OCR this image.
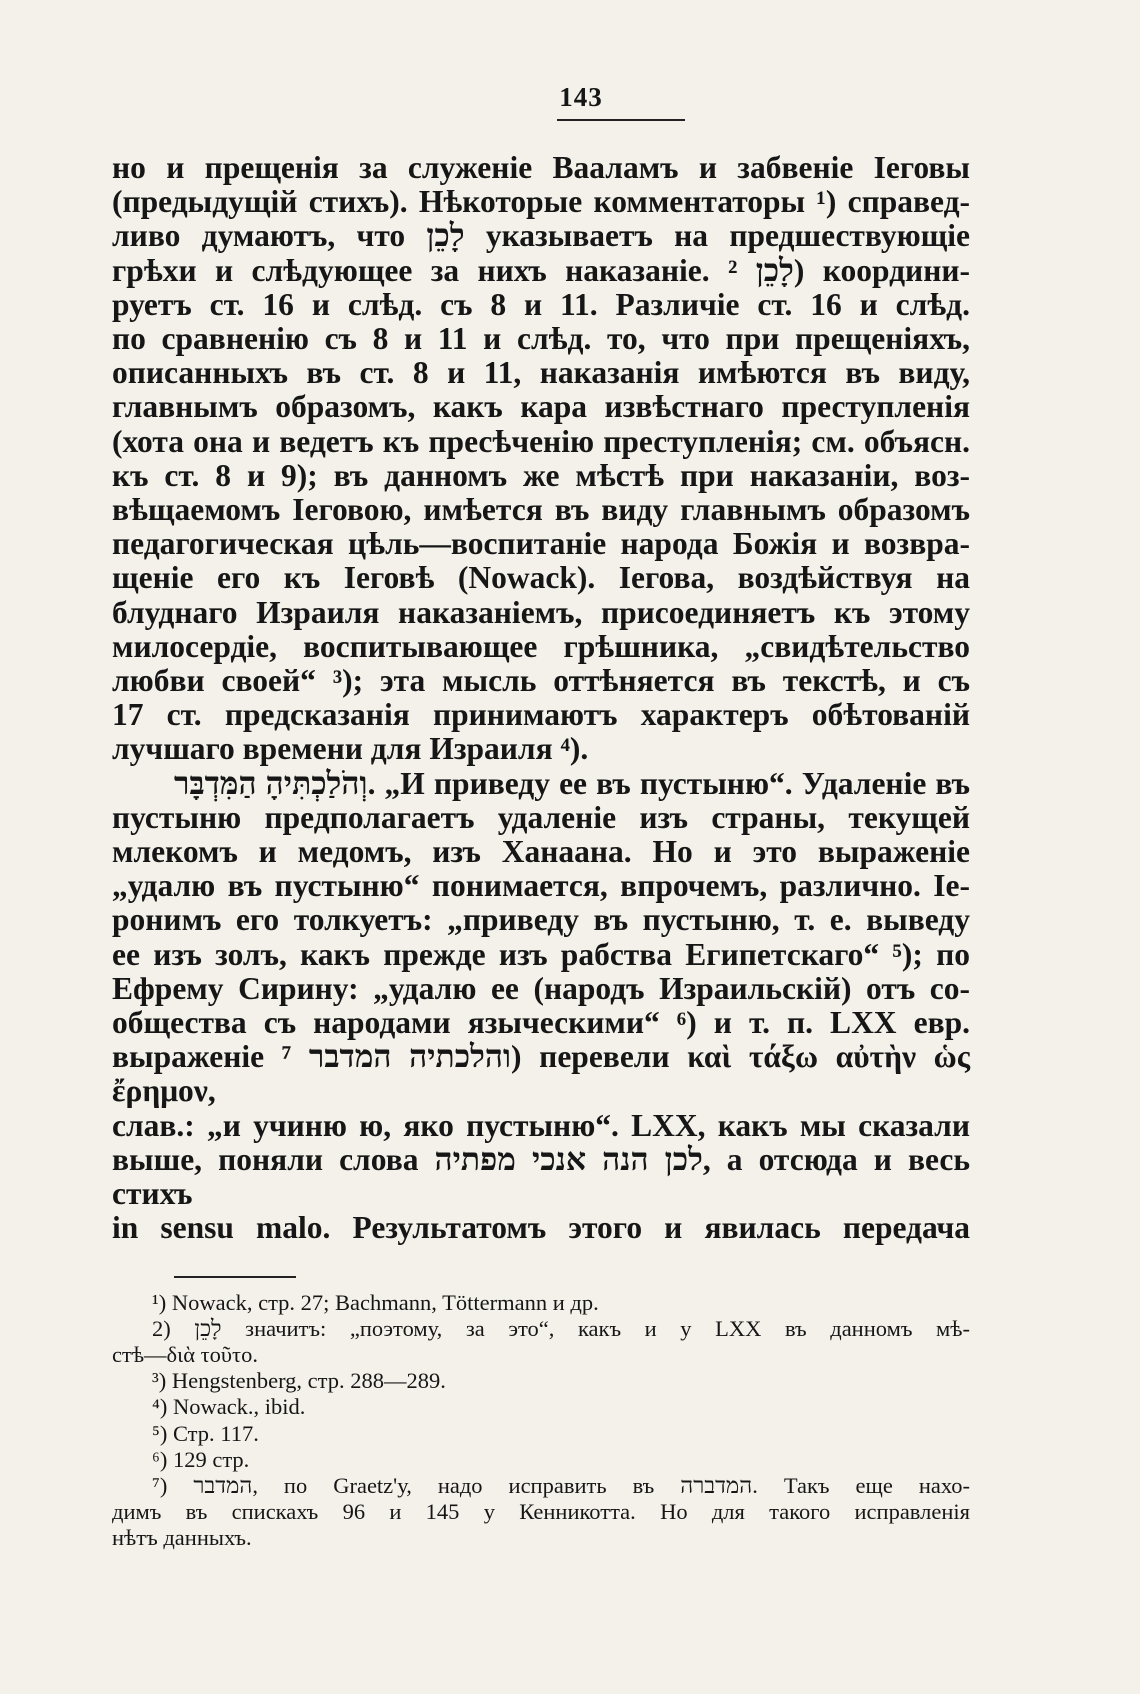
143
но и прещенія за служеніе Вааламъ и забвеніе Іеговы
(предыдущій стихъ). Нѣкоторые комментаторы ¹) справед-
ливо думаютъ, что לָכֵן указываетъ на предшествующіе
грѣхи и слѣдующее за нихъ наказаніе. לָכֵן ²) координи-
руетъ ст. 16 и слѣд. съ 8 и 11. Различіе ст. 16 и слѣд.
по сравненію съ 8 и 11 и слѣд. то, что при прещеніяхъ,
описанныхъ въ ст. 8 и 11, наказанія имѣются въ виду,
главнымъ образомъ, какъ кара извѣстнаго преступленія
(хота она и ведетъ къ пресѣченію преступленія; см. объясн.
къ ст. 8 и 9); въ данномъ же мѣстѣ при наказаніи, воз-
вѣщаемомъ Іеговою, имѣется въ виду главнымъ образомъ
педагогическая цѣль—воспитаніе народа Божія и возвра-
щеніе его къ Іеговѣ (Nowack). Іегова, воздѣйствуя на
блуднаго Израиля наказаніемъ, присоединяетъ къ этому
милосердіе, воспитывающее грѣшника, „свидѣтельство
любви своей“ ³); эта мысль оттѣняется въ текстѣ, и съ
17 ст. предсказанія принимаютъ характеръ обѣтованій
лучшаго времени для Израиля ⁴).
וְהֹלַכְתִּיהָ הַמִּדְבָּר. „И приведу ее въ пустыню“. Удаленіе въ
пустыню предполагаетъ удаленіе изъ страны, текущей
млекомъ и медомъ, изъ Ханаана. Но и это выраженіе
„удалю въ пустыню“ понимается, впрочемъ, различно. Іе-
ронимъ его толкуетъ: „приведу въ пустыню, т. е. выведу
ее изъ золъ, какъ прежде изъ рабства Египетскаго“ ⁵); по
Ефрему Сирину: „удалю ее (народъ Израильскій) отъ со-
общества съ народами языческими“ ⁶) и т. п. LXX евр.
выраженіе והלכתיה המדבר ⁷) перевели καὶ τάξω αὐτὴν ὡς ἔρημον,
слав.: „и учиню ю, яко пустыню“. LXX, какъ мы сказали
выше, поняли слова לכן הנה אנכי מפתיה, а отсюда и весь стихъ
in sensu malo. Результатомъ этого и явилась передача
¹) Nowack, стр. 27; Bachmann, Töttermann и др.
2) לָכֵן значитъ: „поэтому, за это“, какъ и у LXX въ данномъ мѣ-
стѣ—διὰ τοῦτο.
³) Hengstenberg, стр. 288—289.
⁴) Nowack., ibid.
⁵) Стр. 117.
⁶) 129 стр.
⁷) המדבר, по Graetz'у, надо исправить въ המדברה. Такъ еще нахо-
димъ въ спискахъ 96 и 145 у Кенникотта. Но для такого исправленія
нѣтъ данныхъ.
